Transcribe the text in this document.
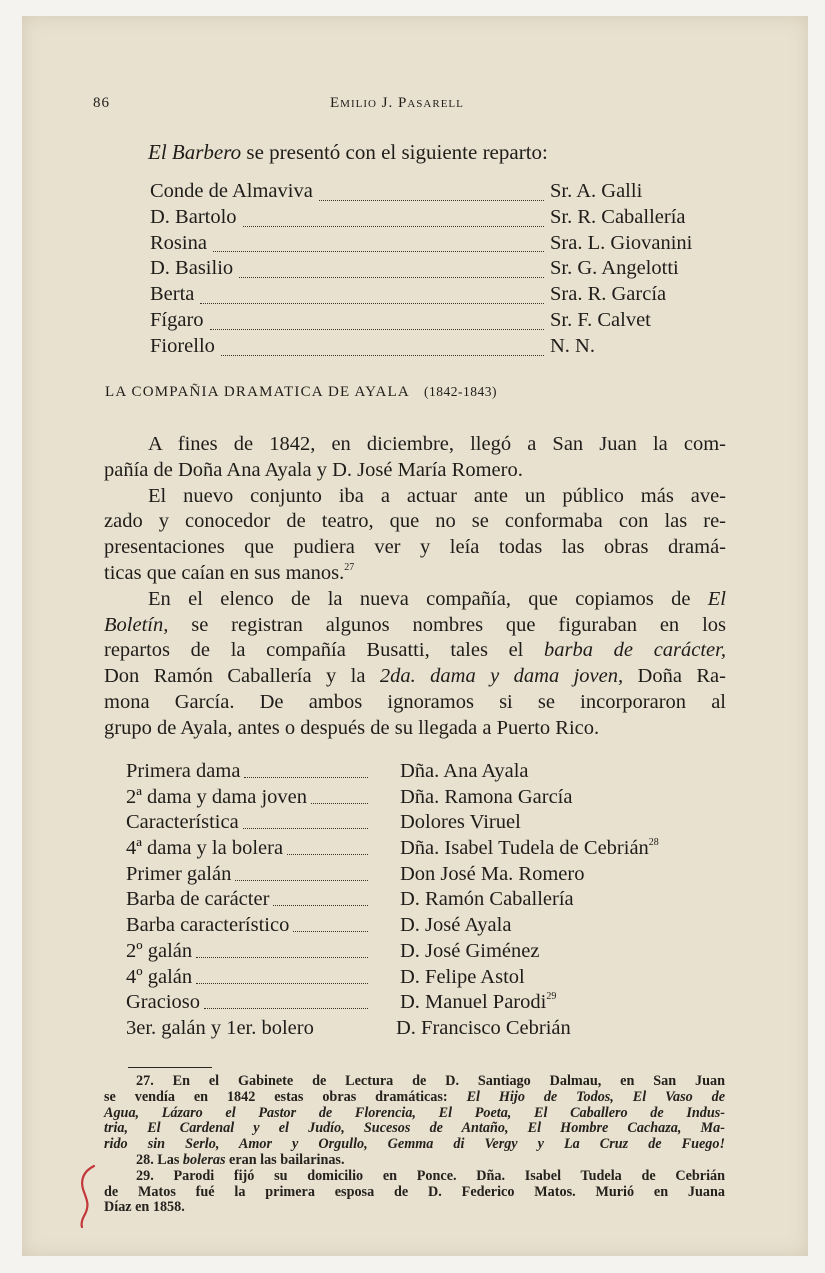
86	Emilio J. Pasarell
El Barbero se presentó con el siguiente reparto:
Conde de Almaviva	Sr. A. Galli
D. Bartolo	Sr. R. Caballería
Rosina	Sra. L. Giovanini
D. Basilio	Sr. G. Angelotti
Berta	Sra. R. García
Fígaro	Sr. F. Calvet
Fiorello	N. N.
LA COMPAÑIA DRAMATICA DE AYALA (1842-1843)
A fines de 1842, en diciembre, llegó a San Juan la com-
pañía de Doña Ana Ayala y D. José María Romero.
El nuevo conjunto iba a actuar ante un público más ave-
zado y conocedor de teatro, que no se conformaba con las re-
presentaciones que pudiera ver y leía todas las obras dramá-
ticas que caían en sus manos.$^{27}$
En el elenco de la nueva compañía, que copiamos de El
Boletín, se registran algunos nombres que figuraban en los
repartos de la compañía Busatti, tales el barba de carácter,
Don Ramón Caballería y la 2da. dama y dama joven, Doña Ra-
mona García. De ambos ignoramos si se incorporaron al
grupo de Ayala, antes o después de su llegada a Puerto Rico.
Primera dama	Dña. Ana Ayala
2ª dama y dama joven	Dña. Ramona García
Característica	Dolores Viruel
4ª dama y la bolera	Dña. Isabel Tudela de Cebrián$^{28}$
Primer galán	Don José Ma. Romero
Barba de carácter	D. Ramón Caballería
Barba característico	D. José Ayala
2º galán	D. José Giménez
4º galán	D. Felipe Astol
Gracioso	D. Manuel Parodi$^{29}$
3er. galán y 1er. bolero	D. Francisco Cebrián
27. En el Gabinete de Lectura de D. Santiago Dalmau, en San Juan
se vendía en 1842 estas obras dramáticas: El Hijo de Todos, El Vaso de
Agua, Lázaro el Pastor de Florencia, El Poeta, El Caballero de Indus-
tria, El Cardenal y el Judío, Sucesos de Antaño, El Hombre Cachaza, Ma-
rido sin Serlo, Amor y Orgullo, Gemma di Vergy y La Cruz de Fuego!
28. Las boleras eran las bailarinas.
29. Parodi fijó su domicilio en Ponce. Dña. Isabel Tudela de Cebrián
de Matos fué la primera esposa de D. Federico Matos. Murió en Juana
Díaz en 1858.
